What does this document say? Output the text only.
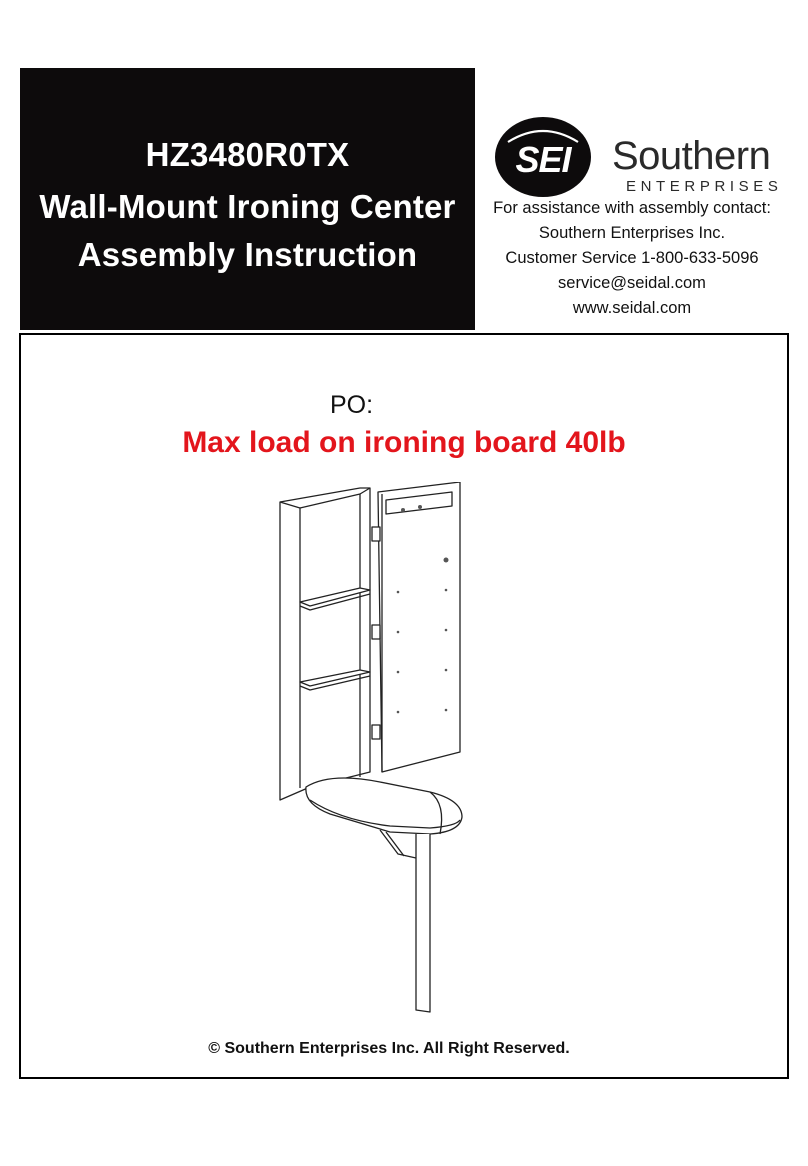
HZ3480R0TX
Wall-Mount Ironing Center
Assembly Instruction
SEI Southern
ENTERPRISES
For assistance with assembly contact:
Southern Enterprises Inc.
Customer Service 1-800-633-5096
service@seidal.com
www.seidal.com
PO:
Max load on ironing board 40lb
© Southern Enterprises Inc. All Right Reserved.
